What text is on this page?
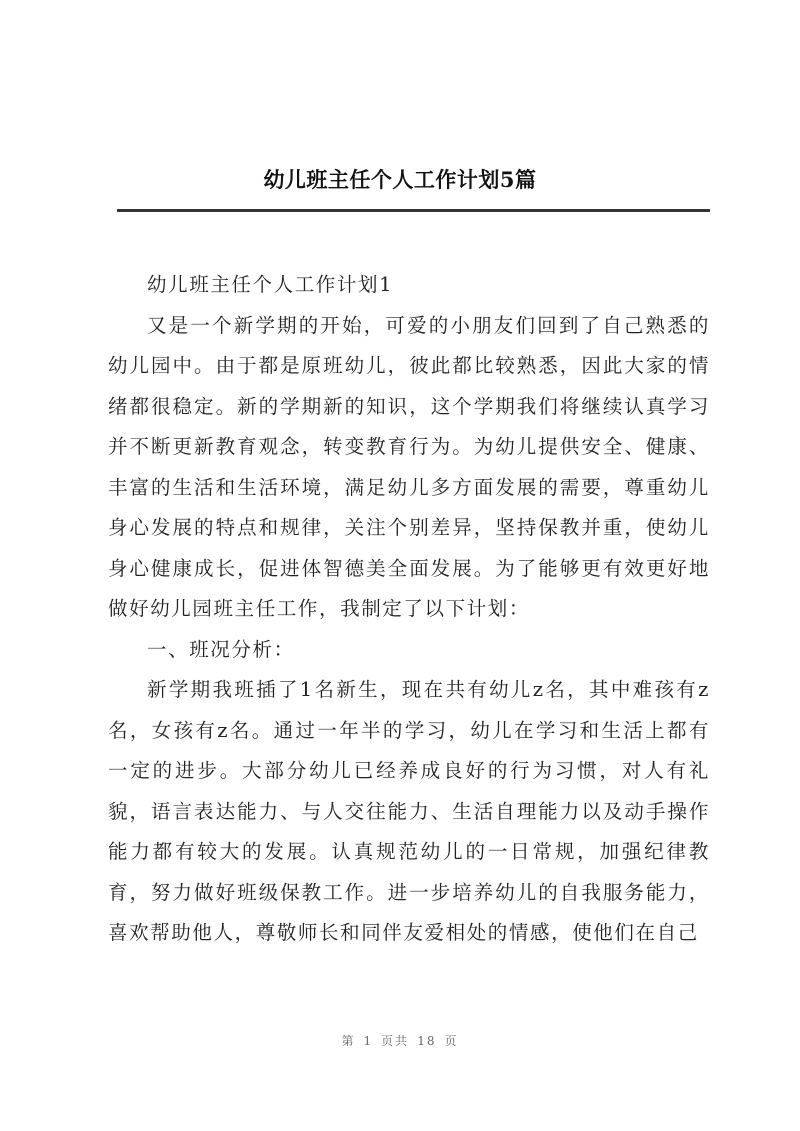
幼儿班主任个人工作计划5篇

幼儿班主任个人工作计划1

又是一个新学期的开始，可爱的小朋友们回到了自己熟悉的幼儿园中。由于都是原班幼儿，彼此都比较熟悉，因此大家的情绪都很稳定。新的学期新的知识，这个学期我们将继续认真学习并不断更新教育观念，转变教育行为。为幼儿提供安全、健康、丰富的生活和生活环境，满足幼儿多方面发展的需要，尊重幼儿身心发展的特点和规律，关注个别差异，坚持保教并重，使幼儿身心健康成长，促进体智德美全面发展。为了能够更有效更好地做好幼儿园班主任工作，我制定了以下计划：

一、班况分析：

新学期我班插了1名新生，现在共有幼儿z名，其中难孩有z名，女孩有z名。通过一年半的学习，幼儿在学习和生活上都有一定的进步。大部分幼儿已经养成良好的行为习惯，对人有礼貌，语言表达能力、与人交往能力、生活自理能力以及动手操作能力都有较大的发展。认真规范幼儿的一日常规，加强纪律教育，努力做好班级保教工作。进一步培养幼儿的自我服务能力，喜欢帮助他人，尊敬师长和同伴友爱相处的情感，使他们在自己

第 1 页共 18 页
